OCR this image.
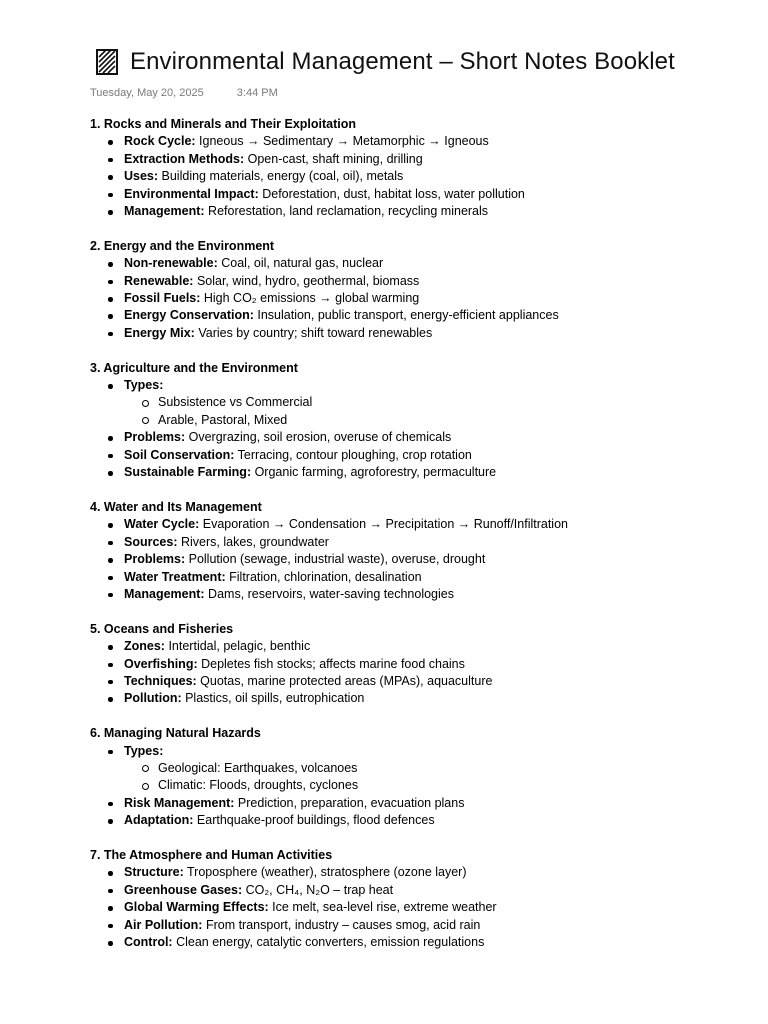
Environmental Management – Short Notes Booklet
Tuesday, May 20, 2025	3:44 PM
1. Rocks and Minerals and Their Exploitation
Rock Cycle: Igneous → Sedimentary → Metamorphic → Igneous
Extraction Methods: Open-cast, shaft mining, drilling
Uses: Building materials, energy (coal, oil), metals
Environmental Impact: Deforestation, dust, habitat loss, water pollution
Management: Reforestation, land reclamation, recycling minerals
2. Energy and the Environment
Non-renewable: Coal, oil, natural gas, nuclear
Renewable: Solar, wind, hydro, geothermal, biomass
Fossil Fuels: High CO₂ emissions → global warming
Energy Conservation: Insulation, public transport, energy-efficient appliances
Energy Mix: Varies by country; shift toward renewables
3. Agriculture and the Environment
Types:
Subsistence vs Commercial
Arable, Pastoral, Mixed
Problems: Overgrazing, soil erosion, overuse of chemicals
Soil Conservation: Terracing, contour ploughing, crop rotation
Sustainable Farming: Organic farming, agroforestry, permaculture
4. Water and Its Management
Water Cycle: Evaporation → Condensation → Precipitation → Runoff/Infiltration
Sources: Rivers, lakes, groundwater
Problems: Pollution (sewage, industrial waste), overuse, drought
Water Treatment: Filtration, chlorination, desalination
Management: Dams, reservoirs, water-saving technologies
5. Oceans and Fisheries
Zones: Intertidal, pelagic, benthic
Overfishing: Depletes fish stocks; affects marine food chains
Techniques: Quotas, marine protected areas (MPAs), aquaculture
Pollution: Plastics, oil spills, eutrophication
6. Managing Natural Hazards
Types:
Geological: Earthquakes, volcanoes
Climatic: Floods, droughts, cyclones
Risk Management: Prediction, preparation, evacuation plans
Adaptation: Earthquake-proof buildings, flood defences
7. The Atmosphere and Human Activities
Structure: Troposphere (weather), stratosphere (ozone layer)
Greenhouse Gases: CO₂, CH₄, N₂O – trap heat
Global Warming Effects: Ice melt, sea-level rise, extreme weather
Air Pollution: From transport, industry – causes smog, acid rain
Control: Clean energy, catalytic converters, emission regulations
